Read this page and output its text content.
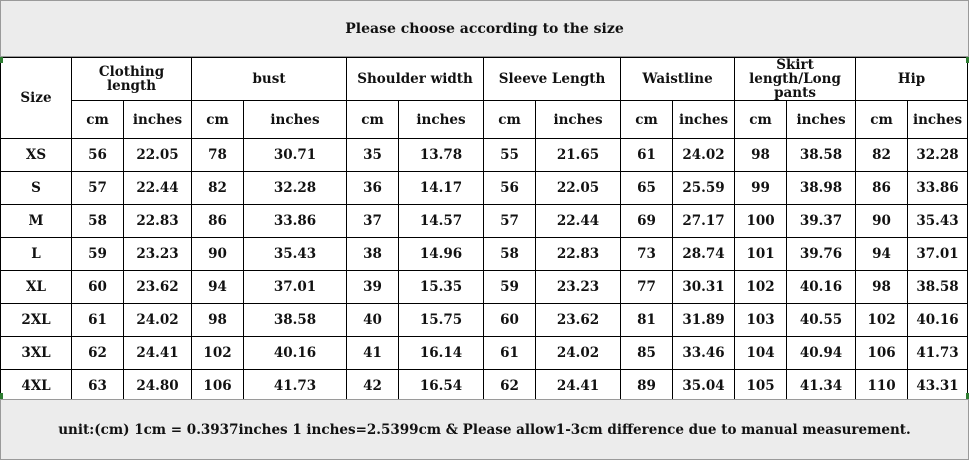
Please choose according to the size
Size	Clothing length		bust		Shoulder width		Sleeve Length		Waistline		Skirt length/Long pants		Hip	
	cm	inches	cm	inches	cm	inches	cm	inches	cm	inches	cm	inches	cm	inches
XS	56	22.05	78	30.71	35	13.78	55	21.65	61	24.02	98	38.58	82	32.28
S	57	22.44	82	32.28	36	14.17	56	22.05	65	25.59	99	38.98	86	33.86
M	58	22.83	86	33.86	37	14.57	57	22.44	69	27.17	100	39.37	90	35.43
L	59	23.23	90	35.43	38	14.96	58	22.83	73	28.74	101	39.76	94	37.01
XL	60	23.62	94	37.01	39	15.35	59	23.23	77	30.31	102	40.16	98	38.58
2XL	61	24.02	98	38.58	40	15.75	60	23.62	81	31.89	103	40.55	102	40.16
3XL	62	24.41	102	40.16	41	16.14	61	24.02	85	33.46	104	40.94	106	41.73
4XL	63	24.80	106	41.73	42	16.54	62	24.41	89	35.04	105	41.34	110	43.31
unit:(cm) 1cm = 0.3937inches 1 inches=2.5399cm & Please allow1-3cm difference due to manual measurement.
